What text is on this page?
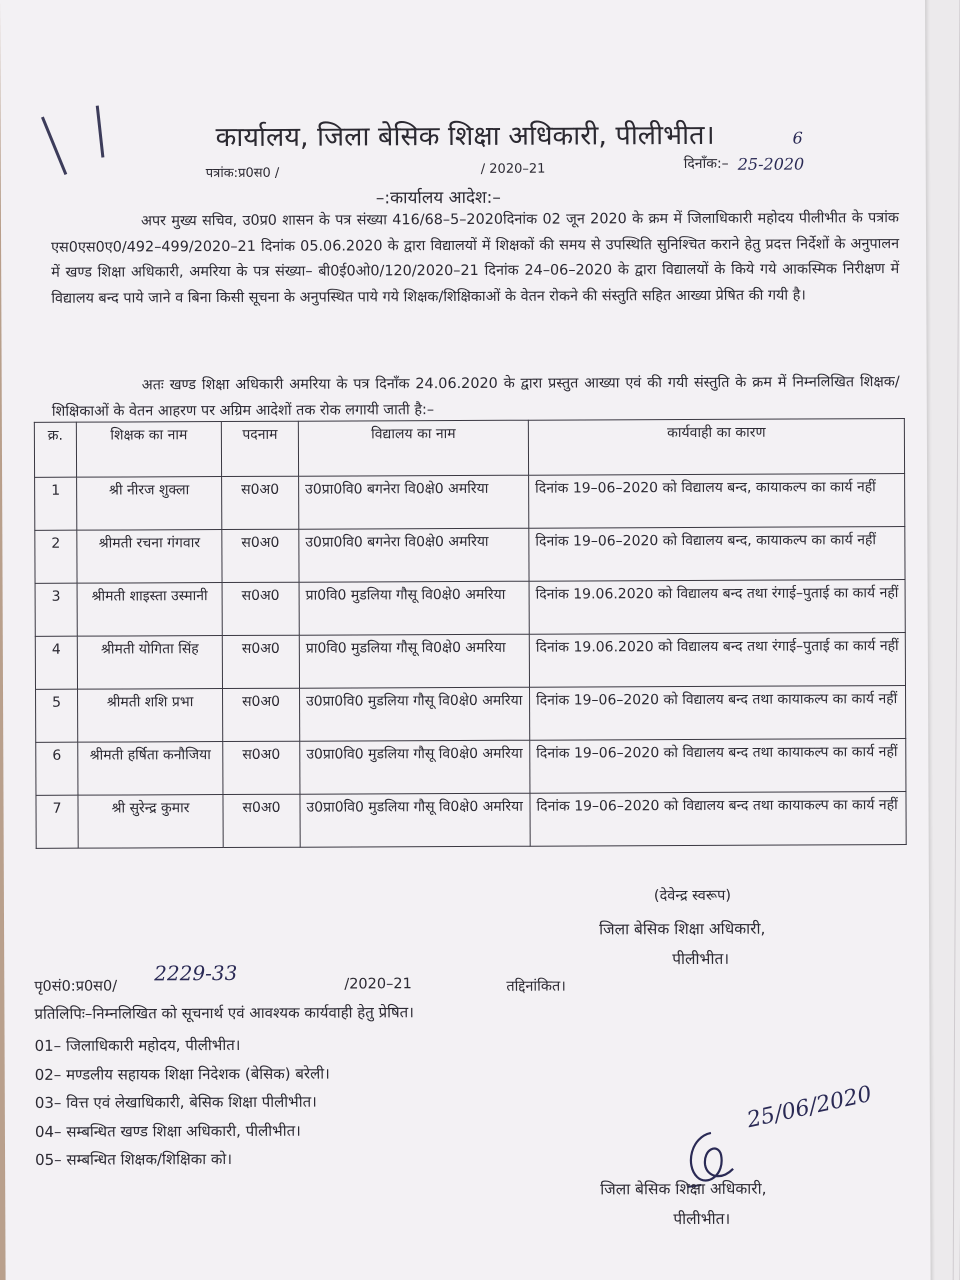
कार्यालय, जिला बेसिक शिक्षा अधिकारी, पीलीभीत।
पत्रांक:प्र0स0 /	/ 2020–21	दिनाँक:–
6
25-2020
–:कार्यालय आदेश:–
अपर मुख्य सचिव, उ0प्र0 शासन के पत्र संख्या 416/68–5–2020दिनांक 02 जून 2020 के क्रम में जिलाधिकारी महोदय पीलीभीत के पत्रांक एस0एस0ए0/492–499/2020–21 दिनांक 05.06.2020 के द्वारा विद्यालयों में शिक्षकों की समय से उपस्थिति सुनिश्चित कराने हेतु प्रदत्त निर्देशों के अनुपालन में खण्ड शिक्षा अधिकारी, अमरिया के पत्र संख्या– बी0ई0ओ0/120/2020–21 दिनांक 24–06–2020 के द्वारा विद्यालयों के किये गये आकस्मिक निरीक्षण में विद्यालय बन्द पाये जाने व बिना किसी सूचना के अनुपस्थित पाये गये शिक्षक/शिक्षिकाओं के वेतन रोकने की संस्तुति सहित आख्या प्रेषित की गयी है।
अतः खण्ड शिक्षा अधिकारी अमरिया के पत्र दिनाँक 24.06.2020 के द्वारा प्रस्तुत आख्या एवं की गयी संस्तुति के क्रम में निम्नलिखित शिक्षक/शिक्षिकाओं के वेतन आहरण पर अग्रिम आदेशों तक रोक लगायी जाती है:–
क्र.	शिक्षक का नाम	पदनाम	विद्यालय का नाम	कार्यवाही का कारण
1	श्री नीरज शुक्ला	स0अ0	उ0प्रा0वि0 बगनेरा वि0क्षे0 अमरिया	दिनांक 19–06–2020 को विद्यालय बन्द, कायाकल्प का कार्य नहीं
2	श्रीमती रचना गंगवार	स0अ0	उ0प्रा0वि0 बगनेरा वि0क्षे0 अमरिया	दिनांक 19–06–2020 को विद्यालय बन्द, कायाकल्प का कार्य नहीं
3	श्रीमती शाइस्ता उस्मानी	स0अ0	प्रा0वि0 मुडलिया गौसू वि0क्षे0 अमरिया	दिनांक 19.06.2020 को विद्यालय बन्द तथा रंगाई–पुताई का कार्य नहीं
4	श्रीमती योगिता सिंह	स0अ0	प्रा0वि0 मुडलिया गौसू वि0क्षे0 अमरिया	दिनांक 19.06.2020 को विद्यालय बन्द तथा रंगाई–पुताई का कार्य नहीं
5	श्रीमती शशि प्रभा	स0अ0	उ0प्रा0वि0 मुडलिया गौसू वि0क्षे0 अमरिया	दिनांक 19–06–2020 को विद्यालय बन्द तथा कायाकल्प का कार्य नहीं
6	श्रीमती हर्षिता कनौजिया	स0अ0	उ0प्रा0वि0 मुडलिया गौसू वि0क्षे0 अमरिया	दिनांक 19–06–2020 को विद्यालय बन्द तथा कायाकल्प का कार्य नहीं
7	श्री सुरेन्द्र कुमार	स0अ0	उ0प्रा0वि0 मुडलिया गौसू वि0क्षे0 अमरिया	दिनांक 19–06–2020 को विद्यालय बन्द तथा कायाकल्प का कार्य नहीं
(देवेन्द्र स्वरूप)
जिला बेसिक शिक्षा अधिकारी,
पीलीभीत।
पृ0सं0:प्र0स0/
2229-33	/2020–21	तद्दिनांकित।
प्रतिलिपिः–निम्नलिखित को सूचनार्थ एवं आवश्यक कार्यवाही हेतु प्रेषित।
01– जिलाधिकारी महोदय, पीलीभीत।
02– मण्डलीय सहायक शिक्षा निदेशक (बेसिक) बरेली।
03– वित्त एवं लेखाधिकारी, बेसिक शिक्षा पीलीभीत।
04– सम्बन्धित खण्ड शिक्षा अधिकारी, पीलीभीत।
05– सम्बन्धित शिक्षक/शिक्षिका को।
25/06/2020
जिला बेसिक शिक्षा अधिकारी,
पीलीभीत।
